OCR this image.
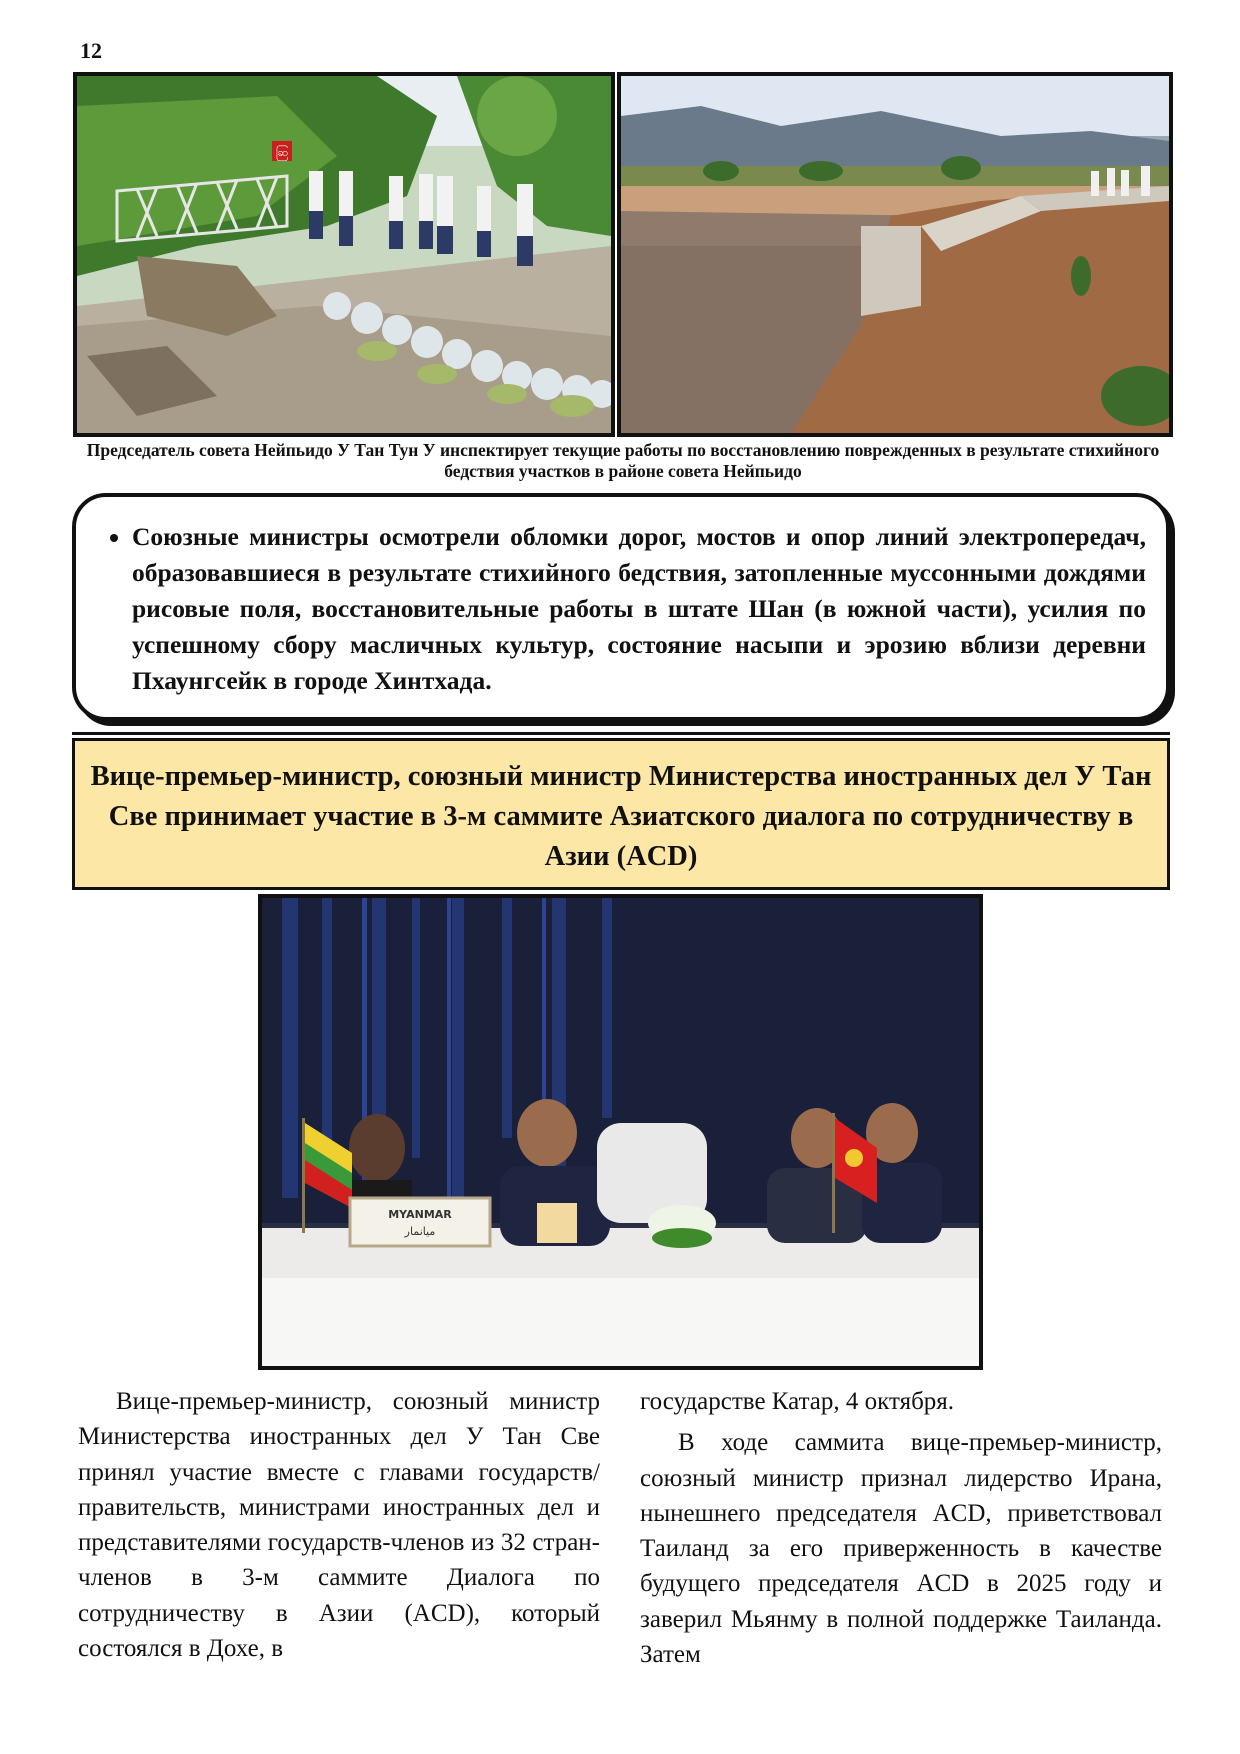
12
ဆြ
Председатель совета Нейпьидо У Тан Тун У инспектирует текущие работы по восстановлению поврежденных в результате стихийного бедствия участков в районе совета Нейпьидо
• Союзные министры осмотрели обломки дорог, мостов и опор линий электропередач, образовавшиеся в результате стихийного бедствия, затопленные муссонными дождями рисовые поля, восстановительные работы в штате Шан (в южной части), усилия по успешному сбору масличных культур, состояние насыпи и эрозию вблизи деревни Пхаунгсейк в городе Хинтхада.
Вице-премьер-министр, союзный министр Министерства иностранных дел У Тан Све принимает участие в 3-м саммите Азиатского диалога по сотрудничеству в Азии (ACD)
MYANMAR
ميانمار

Вице-премьер-министр, союзный министр Министерства иностранных дел У Тан Све принял участие вместе с главами государств/правительств, министрами иностранных дел и представителями государств-членов из 32 стран-членов в 3-м саммите Диалога по сотрудничеству в Азии (ACD), который состоялся в Дохе, в

государстве Катар, 4 октября.

В ходе саммита вице-премьер-министр, союзный министр признал лидерство Ирана, нынешнего председателя ACD, приветствовал Таиланд за его приверженность в качестве будущего председателя ACD в 2025 году и заверил Мьянму в полной поддержке Таиланда. Затем
